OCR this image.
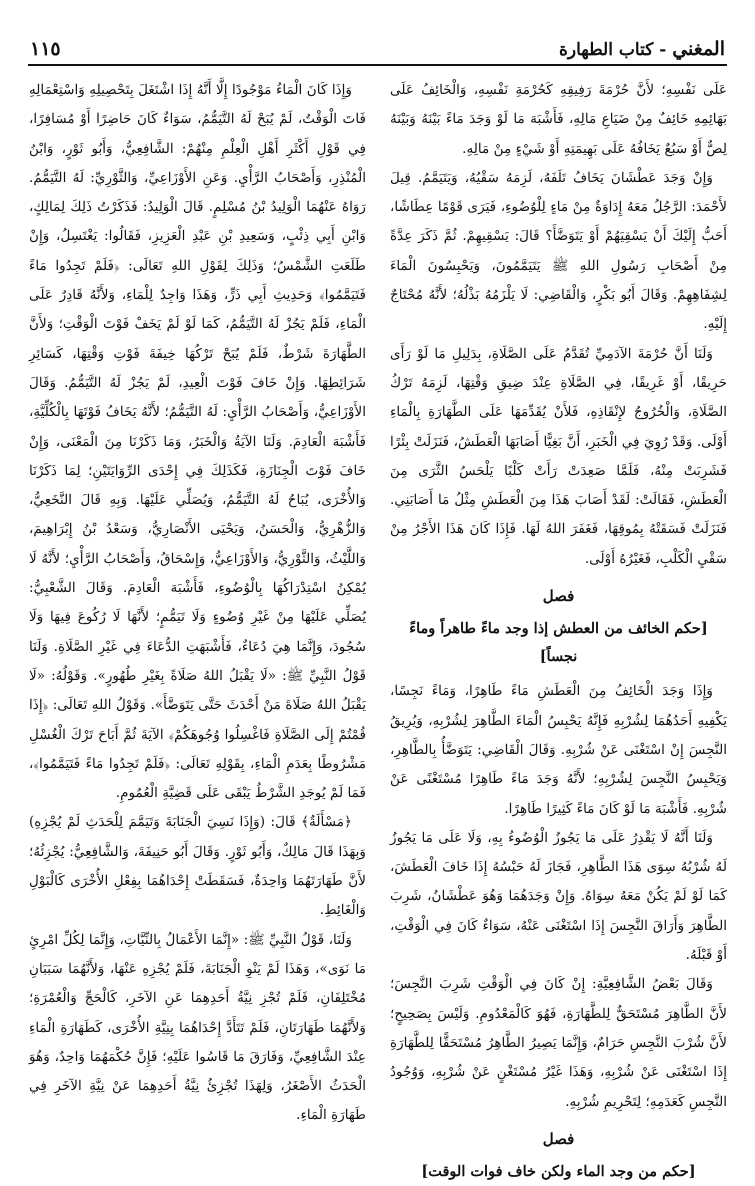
المغني - كتاب الطهارة
١١٥

عَلَى نَفْسِهِ؛ لأَنَّ حُرْمَةَ رَفِيقِهِ كَحُرْمَةِ نَفْسِهِ، وَالْخَائِفُ عَلَى بَهَائِمِهِ خَائِفٌ مِنْ ضَيَاعِ مَالِهِ، فَأَشْبَهَ مَا لَوْ وَجَدَ مَاءً بَيْنَهُ وَبَيْنَهُ لِصٌّ أَوْ سَبُعٌ يَخَافُهُ عَلَى بَهِيمَتِهِ أَوْ شَيْءٍ مِنْ مَالِهِ.

وَإِنْ وَجَدَ عَطْشَانَ يَخَافُ تَلَفَهُ، لَزِمَهُ سَقْيُهُ، وَيَتَيَمَّمُ. قِيلَ لأَحْمَدَ: الرَّجُلُ مَعَهُ إِدَاوَةٌ مِنْ مَاءٍ لِلْوُضُوءِ، فَيَرَى قَوْمًا عِطَاشًا، أَحَبُّ إِلَيْكَ أَنْ يَسْقِيَهُمْ أَوْ يَتَوَضَّأَ؟ قَالَ: يَسْقِيهِمْ. ثُمَّ ذَكَرَ عِدَّةً مِنْ أَصْحَابِ رَسُولِ اللهِ ﷺ يَتَيَمَّمُونَ، وَيَحْبِسُونَ الْمَاءَ لِشِفَاهِهِمْ. وَقَالَ أَبُو بَكْرٍ، وَالْقَاضِي: لَا يَلْزَمُهُ بَذْلُهُ؛ لأَنَّهُ مُحْتَاجٌ إِلَيْهِ.

وَلَنَا أَنَّ حُرْمَةَ الآدَمِيِّ تُقَدَّمُ عَلَى الصَّلَاةِ، بِدَلِيلِ مَا لَوْ رَأَى حَرِيقًا، أَوْ غَرِيقًا، فِي الصَّلَاةِ عِنْدَ ضِيقِ وَقْتِهَا، لَزِمَهُ تَرْكُ الصَّلَاةِ، وَالْخُرُوجُ لإِنْقَاذِهِ، فَلأَنْ يُقَدِّمَهَا عَلَى الطَّهَارَةِ بِالْمَاءِ أَوْلَى. وَقَدْ رُوِيَ فِي الْخَبَرِ، أَنَّ بَغِيًّا أَصَابَهَا الْعَطَشُ، فَنَزَلَتْ بِئْرًا فَشَرِبَتْ مِنْهُ، فَلَمَّا صَعِدَتْ رَأَتْ كَلْبًا يَلْحَسُ الثَّرَى مِنَ الْعَطَشِ، فَقَالَتْ: لَقَدْ أَصَابَ هَذَا مِنَ الْعَطَشِ مِثْلُ مَا أَصَابَنِي. فَنَزَلَتْ فَسَقَتْهُ بِمُوقِهَا، فَغَفَرَ اللهُ لَهَا. فَإِذَا كَانَ هَذَا الأَجْرُ مِنْ سَقْيِ الْكَلْبِ، فَغَيْرُهُ أَوْلَى.

فصل
[حكم الخائف من العطش إذا وجد ماءً طاهراً وماءً نجساً]

وَإِذَا وَجَدَ الْخَائِفُ مِنَ الْعَطَشِ مَاءً طَاهِرًا، وَمَاءً نَجِسًا، يَكْفِيهِ أَحَدُهُمَا لِشُرْبِهِ فَإِنَّهُ يَحْبِسُ الْمَاءَ الطَّاهِرَ لِشُرْبِهِ، وَيُرِيقُ النَّجِسَ إِنْ اسْتَغْنَى عَنْ شُرْبِهِ. وَقَالَ الْقَاضِي: يَتَوَضَّأُ بِالطَّاهِرِ، وَيَحْبِسُ النَّجِسَ لِشُرْبِهِ؛ لأَنَّهُ وَجَدَ مَاءً طَاهِرًا مُسْتَغْنًى عَنْ شُرْبِهِ. فَأَشْبَهَ مَا لَوْ كَانَ مَاءً كَثِيرًا طَاهِرًا.

وَلَنَا أَنَّهُ لَا يَقْدِرُ عَلَى مَا يَجُوزُ الْوُضُوءُ بِهِ، وَلَا عَلَى مَا يَجُوزُ لَهُ شُرْبُهُ سِوَى هَذَا الطَّاهِرِ، فَجَازَ لَهُ حَبْسُهُ إِذَا خَافَ الْعَطَشَ، كَمَا لَوْ لَمْ يَكُنْ مَعَهُ سِوَاهُ. وَإِنْ وَجَدَهُمَا وَهُوَ عَطْشَانُ، شَرِبَ الطَّاهِرَ وَأَرَاقَ النَّجِسَ إِذَا اسْتَغْنَى عَنْهُ، سَوَاءٌ كَانَ فِي الْوَقْتِ، أَوْ قَبْلَهُ.

وَقَالَ بَعْضُ الشَّافِعِيَّةِ: إِنْ كَانَ فِي الْوَقْتِ شَرِبَ النَّجِسَ؛ لأَنَّ الطَّاهِرَ مُسْتَحَقٌّ لِلطَّهَارَةِ، فَهُوَ كَالْمَعْدُومِ. وَلَيْسَ بِصَحِيحٍ؛ لأَنَّ شُرْبَ النَّجِسِ حَرَامٌ، وَإِنَّمَا يَصِيرُ الطَّاهِرُ مُسْتَحَقًّا لِلطَّهَارَةِ إِذَا اسْتَغْنَى عَنْ شُرْبِهِ، وَهَذَا غَيْرُ مُسْتَغْنٍ عَنْ شُرْبِهِ، وَوُجُودُ النَّجِسِ كَعَدَمِهِ؛ لِتَحْرِيمِ شُرْبِهِ.

فصل
[حكم من وجد الماء ولكن خاف فوات الوقت]

وَإِذَا كَانَ الْمَاءُ مَوْجُودًا إِلَّا أَنَّهُ إِذَا اشْتَغَلَ بِتَحْصِيلِهِ وَاسْتِعْمَالِهِ فَاتَ الْوَقْتُ، لَمْ يُبَحْ لَهُ التَّيَمُّمُ، سَوَاءٌ كَانَ حَاضِرًا أَوْ مُسَافِرًا، فِي قَوْلِ أَكْثَرِ أَهْلِ الْعِلْمِ مِنْهُمْ: الشَّافِعِيُّ، وَأَبُو ثَوْرٍ، وَابْنُ الْمُنْذِرِ، وَأَصْحَابُ الرَّأْيِ. وَعَنِ الأَوْزَاعِيِّ، وَالثَّوْرِيِّ: لَهُ التَّيَمُّمُ. رَوَاهُ عَنْهُمَا الْوَلِيدُ بْنُ مُسْلِمٍ. قَالَ الْوَلِيدُ: فَذَكَرْتُ ذَلِكَ لِمَالِكٍ، وَابْنِ أَبِي ذِئْبٍ، وَسَعِيدِ بْنِ عَبْدِ الْعَزِيزِ، فَقَالُوا: يَغْتَسِلُ، وَإِنْ طَلَعَتِ الشَّمْسُ؛ وَذَلِكَ لِقَوْلِ اللهِ تَعَالَى: ﴿فَلَمْ تَجِدُوا مَاءً فَتَيَمَّمُوا﴾ وَحَدِيثِ أَبِي ذَرٍّ، وَهَذَا وَاجِدٌ لِلْمَاءِ، وَلأَنَّهُ قَادِرٌ عَلَى الْمَاءِ، فَلَمْ يَجُزْ لَهُ التَّيَمُّمُ، كَمَا لَوْ لَمْ يَخَفْ فَوْتَ الْوَقْتِ؛ وَلأَنَّ الطَّهَارَةَ شَرْطٌ، فَلَمْ يُبَحْ تَرْكُهَا خِيفَةَ فَوْتِ وَقْتِهَا، كَسَائِرِ شَرَائِطِهَا. وَإِنْ خَافَ فَوْتَ الْعِيدِ، لَمْ يَجُزْ لَهُ التَّيَمُّمُ. وَقَالَ الأَوْزَاعِيُّ، وَأَصْحَابُ الرَّأْيِ: لَهُ التَّيَمُّمُ؛ لأَنَّهُ يَخَافُ فَوْتَهَا بِالْكُلِّيَّةِ، فَأَشْبَهَ الْعَادِمَ. وَلَنَا الآيَةُ وَالْخَبَرُ، وَمَا ذَكَرْنَا مِنَ الْمَعْنَى، وَإِنْ خَافَ فَوْتَ الْجِنَازَةِ، فَكَذَلِكَ فِي إِحْدَى الرِّوَايَتَيْنِ؛ لِمَا ذَكَرْنَا وَالأُخْرَى، يُبَاحُ لَهُ التَّيَمُّمُ، وَيُصَلِّي عَلَيْهَا. وَبِهِ قَالَ النَّخَعِيُّ، وَالزُّهْرِيُّ، وَالْحَسَنُ، وَيَحْيَى الأَنْصَارِيُّ، وَسَعْدُ بْنُ إِبْرَاهِيمَ، وَاللَّيْثُ، وَالثَّوْرِيُّ، وَالأَوْزَاعِيُّ، وَإِسْحَاقُ، وَأَصْحَابُ الرَّأْيِ؛ لأَنَّهُ لَا يُمْكِنُ اسْتِدْرَاكُهَا بِالْوُضُوءِ، فَأَشْبَهَ الْعَادِمَ. وَقَالَ الشَّعْبِيُّ: يُصَلِّي عَلَيْهَا مِنْ غَيْرِ وُضُوءٍ وَلَا تَيَمُّمٍ؛ لأَنَّهَا لَا رُكُوعَ فِيهَا وَلَا سُجُودَ، وَإِنَّمَا هِيَ دُعَاءٌ، فَأَشْبَهَتِ الدُّعَاءَ فِي غَيْرِ الصَّلَاةِ. وَلَنَا قَوْلُ النَّبِيِّ ﷺ: «لَا يَقْبَلُ اللهُ صَلَاةً بِغَيْرِ طُهُورٍ». وَقَوْلُهُ: «لَا يَقْبَلُ اللهُ صَلَاةَ مَنْ أَحْدَثَ حَتَّى يَتَوَضَّأَ». وَقَوْلُ اللهِ تَعَالَى: ﴿إِذَا قُمْتُمْ إِلَى الصَّلَاةِ فَاغْسِلُوا وُجُوهَكُمْ﴾ الآيَةَ ثُمَّ أَبَاحَ تَرْكَ الْغُسْلِ مَشْرُوطًا بِعَدَمِ الْمَاءِ، بِقَوْلِهِ تَعَالَى: ﴿فَلَمْ تَجِدُوا مَاءً فَتَيَمَّمُوا﴾، فَمَا لَمْ يُوجَدِ الشَّرْطُ يَبْقَى عَلَى قَضِيَّةِ الْعُمُومِ.

﴿مَسْأَلَةٌ﴾ قَالَ: (وَإِذَا نَسِيَ الْجَنَابَةَ وَتَيَمَّمَ لِلْحَدَثِ لَمْ يُجْزِهِ) وَبِهَذَا قَالَ مَالِكٌ، وَأَبُو ثَوْرٍ. وَقَالَ أَبُو حَنِيفَةَ، وَالشَّافِعِيُّ: يُجْزِئُهُ؛ لأَنَّ طَهَارَتَهُمَا وَاحِدَةٌ، فَسَقَطَتْ إِحْدَاهُمَا بِفِعْلِ الأُخْرَى كَالْبَوْلِ وَالْغَائِطِ.

وَلَنَا، قَوْلُ النَّبِيِّ ﷺ: «إِنَّمَا الأَعْمَالُ بِالنِّيَّاتِ، وَإِنَّمَا لِكُلِّ امْرِئٍ مَا نَوَى»، وَهَذَا لَمْ يَنْوِ الْجَنَابَةَ، فَلَمْ يُجْزِهِ عَنْهَا، وَلأَنَّهُمَا سَبَبَانِ مُخْتَلِفَانِ، فَلَمْ تُجْزِ نِيَّةُ أَحَدِهِمَا عَنِ الآخَرِ، كَالْحَجِّ وَالْعُمْرَةِ؛ وَلأَنَّهُمَا طَهَارَتَانِ، فَلَمْ تَتَأَدَّ إِحْدَاهُمَا بِنِيَّةِ الأُخْرَى، كَطَهَارَةِ الْمَاءِ عِنْدَ الشَّافِعِيِّ، وَفَارَقَ مَا قَاسُوا عَلَيْهِ؛ فَإِنَّ حُكْمَهُمَا وَاحِدٌ، وَهُوَ الْحَدَثُ الأَصْغَرُ، وَلِهَذَا تُجْزِئُ نِيَّةُ أَحَدِهِمَا عَنْ نِيَّةِ الآخَرِ فِي طَهَارَةِ الْمَاءِ.
